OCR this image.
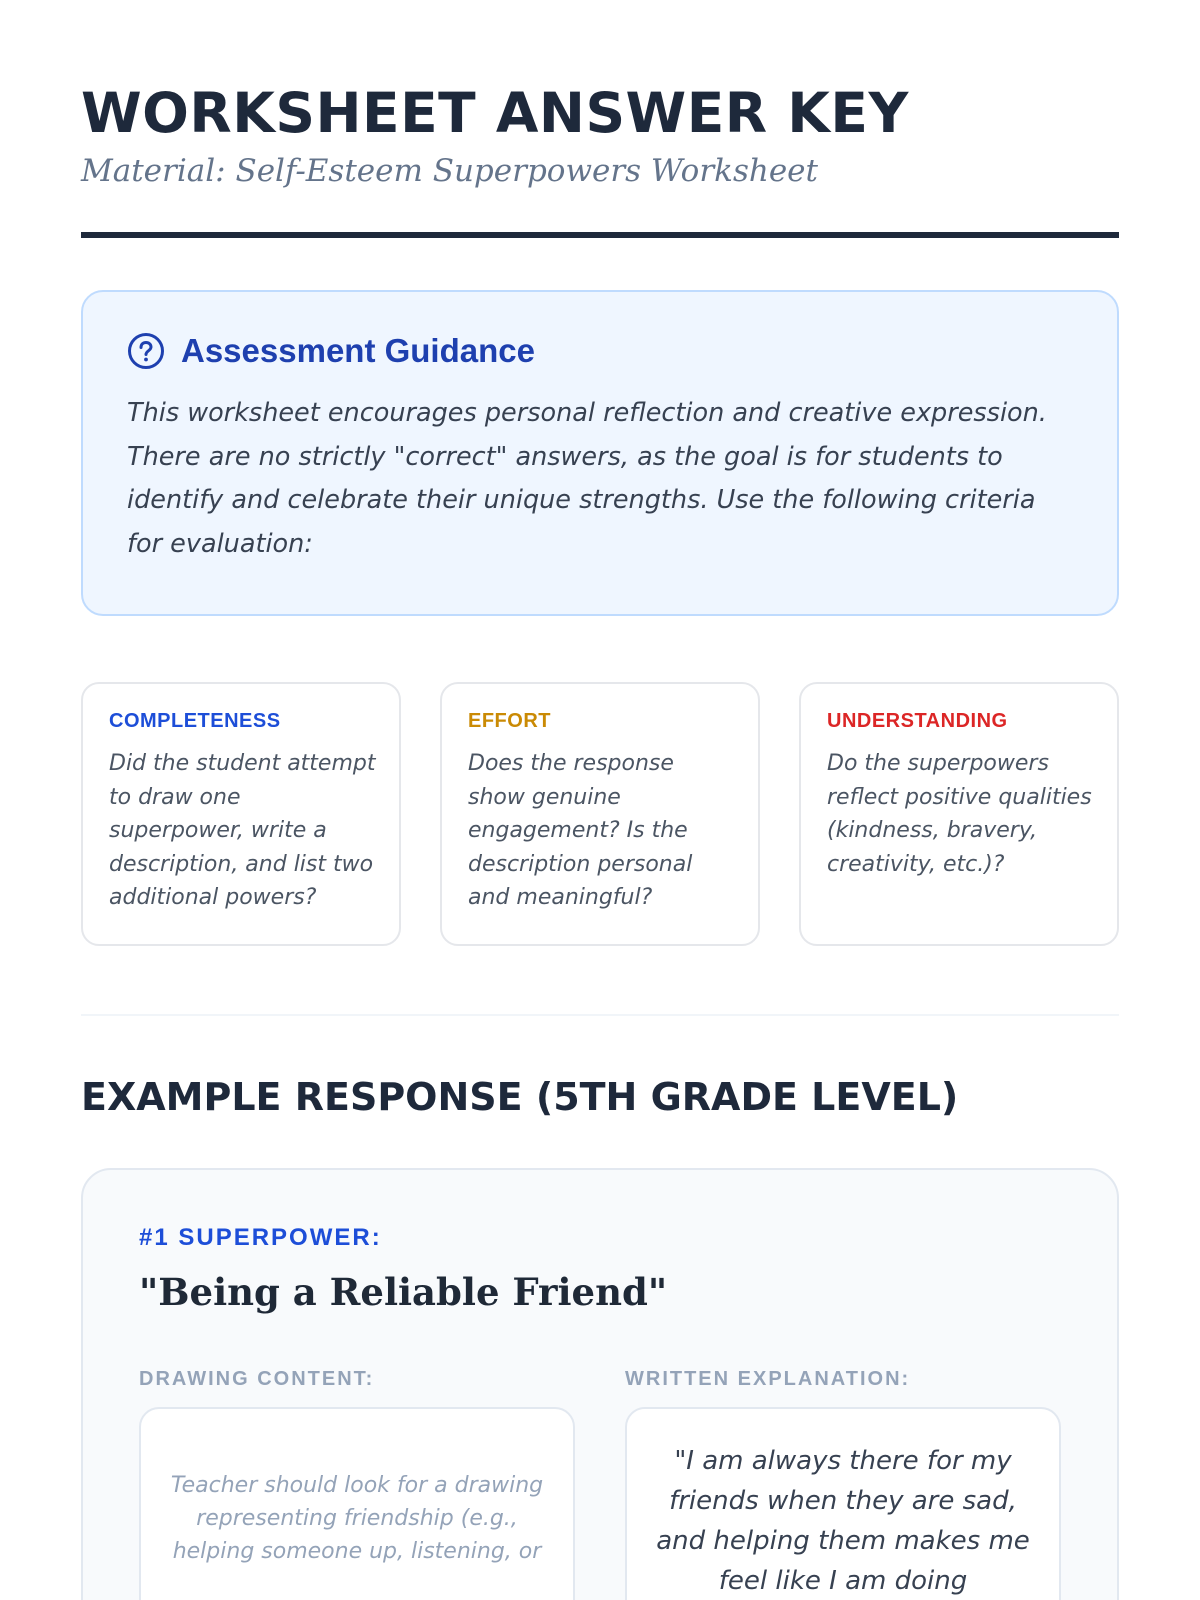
WORKSHEET ANSWER KEY
Material: Self-Esteem Superpowers Worksheet
Assessment Guidance
This worksheet encourages personal reflection and creative expression. There are no strictly "correct" answers, as the goal is for students to identify and celebrate their unique strengths. Use the following criteria for evaluation:
COMPLETENESS
Did the student attempt to draw one superpower, write a description, and list two additional powers?
EFFORT
Does the response show genuine engagement? Is the description personal and meaningful?
UNDERSTANDING
Do the superpowers reflect positive qualities (kindness, bravery, creativity, etc.)?
EXAMPLE RESPONSE (5TH GRADE LEVEL)
#1 SUPERPOWER:
"Being a Reliable Friend"
DRAWING CONTENT:
Teacher should look for a drawing representing friendship (e.g., helping someone up, listening, or
WRITTEN EXPLANATION:
"I am always there for my friends when they are sad, and helping them makes me feel like I am doing
